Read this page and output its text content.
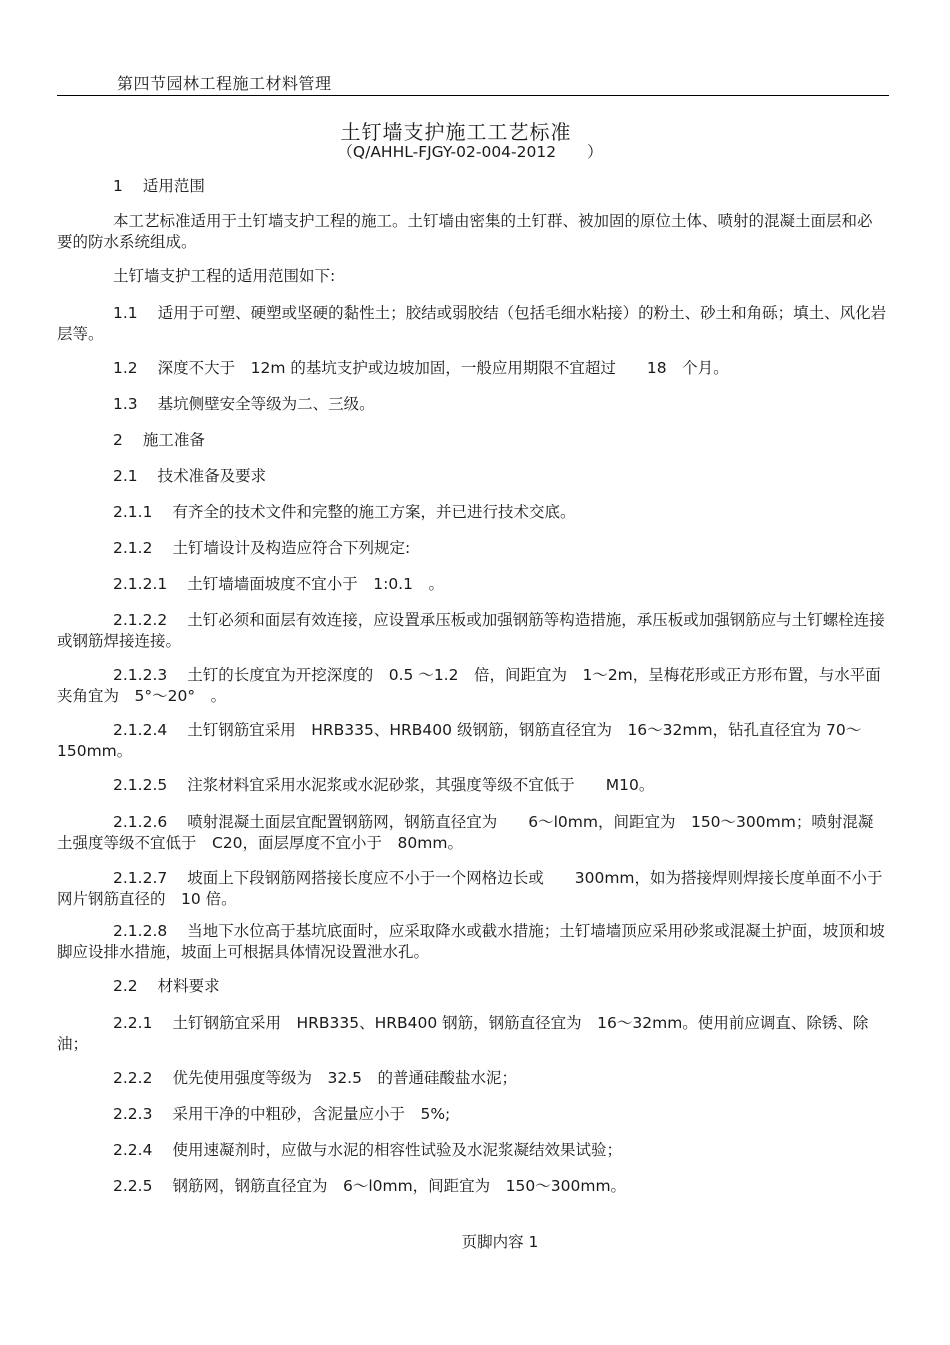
第四节园林工程施工材料管理
土钉墙支护施工工艺标准
（Q/AHHL-FJGY-02-004-2012　　）

1 适用范围

本工艺标准适用于土钉墙支护工程的施工。土钉墙由密集的土钉群、被加固的原位土体、喷射的混凝土面层和必要的防水系统组成。

土钉墙支护工程的适用范围如下:

1.1 适用于可塑、硬塑或坚硬的黏性土；胶结或弱胶结（包括毛细水粘接）的粉土、砂土和角砾；填土、风化岩层等。

1.2 深度不大于　12m 的基坑支护或边坡加固，一般应用期限不宜超过　　18　个月。

1.3 基坑侧壁安全等级为二、三级。

2 施工准备

2.1 技术准备及要求

2.1.1 有齐全的技术文件和完整的施工方案，并已进行技术交底。

2.1.2 土钉墙设计及构造应符合下列规定:

2.1.2.1 土钉墙墙面坡度不宜小于　1:0.1　。

2.1.2.2 土钉必须和面层有效连接，应设置承压板或加强钢筋等构造措施，承压板或加强钢筋应与土钉螺栓连接或钢筋焊接连接。

2.1.2.3 土钉的长度宜为开挖深度的　0.5 ～1.2　倍，间距宜为　1～2m，呈梅花形或正方形布置，与水平面夹角宜为　5°～20°　。

2.1.2.4 土钉钢筋宜采用　HRB335、HRB400 级钢筋，钢筋直径宜为　16～32mm，钻孔直径宜为 70～150mm。

2.1.2.5 注浆材料宜采用水泥浆或水泥砂浆，其强度等级不宜低于　　M10。

2.1.2.6 喷射混凝土面层宜配置钢筋网，钢筋直径宜为　　6～l0mm，间距宜为　150～300mm；喷射混凝土强度等级不宜低于　C20，面层厚度不宜小于　80mm。

2.1.2.7 坡面上下段钢筋网搭接长度应不小于一个网格边长或　　300mm，如为搭接焊则焊接长度单面不小于网片钢筋直径的　10 倍。

2.1.2.8 当地下水位高于基坑底面时，应采取降水或截水措施；土钉墙墙顶应采用砂浆或混凝土护面，坡顶和坡脚应设排水措施，坡面上可根据具体情况设置泄水孔。

2.2 材料要求

2.2.1 土钉钢筋宜采用　HRB335、HRB400 钢筋，钢筋直径宜为　16～32mm。使用前应调直、除锈、除油；

2.2.2 优先使用强度等级为　32.5　的普通硅酸盐水泥；

2.2.3 采用干净的中粗砂，含泥量应小于　5%;

2.2.4 使用速凝剂时，应做与水泥的相容性试验及水泥浆凝结效果试验；

2.2.5 钢筋网，钢筋直径宜为　6～l0mm，间距宜为　150～300mm。

页脚内容 1
